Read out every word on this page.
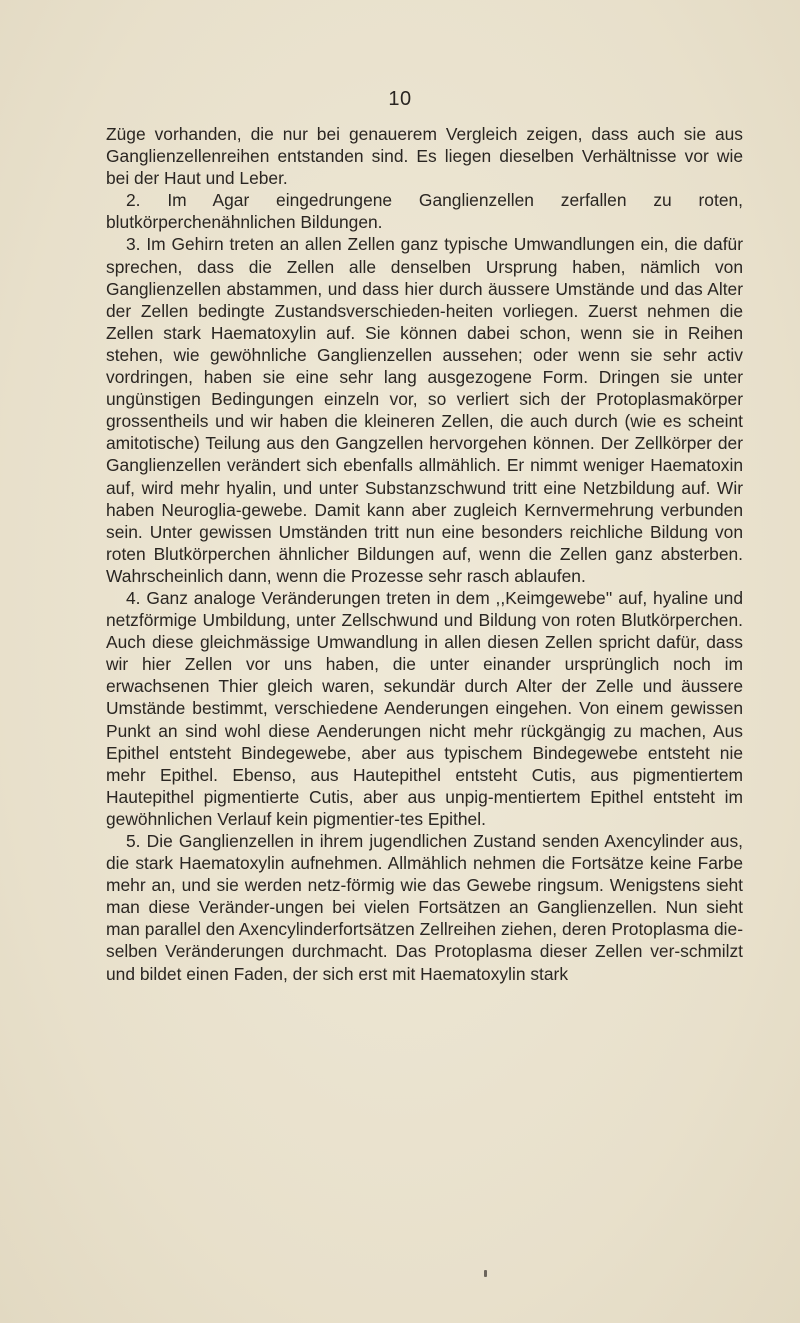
10

Züge vorhanden, die nur bei genauerem Vergleich zeigen, dass auch sie aus Ganglienzellenreihen entstanden sind. Es liegen dieselben Verhältnisse vor wie bei der Haut und Leber.

2. Im Agar eingedrungene Ganglienzellen zerfallen zu roten, blutkörperchenähnlichen Bildungen.

3. Im Gehirn treten an allen Zellen ganz typische Umwandlungen ein, die dafür sprechen, dass die Zellen alle denselben Ursprung haben, nämlich von Ganglienzellen abstammen, und dass hier durch äussere Umstände und das Alter der Zellen bedingte Zustandsverschieden-heiten vorliegen. Zuerst nehmen die Zellen stark Haematoxylin auf. Sie können dabei schon, wenn sie in Reihen stehen, wie gewöhnliche Ganglienzellen aussehen; oder wenn sie sehr activ vordringen, haben sie eine sehr lang ausgezogene Form. Dringen sie unter ungünstigen Bedingungen einzeln vor, so verliert sich der Protoplasmakörper grossentheils und wir haben die kleineren Zellen, die auch durch (wie es scheint amitotische) Teilung aus den Gangzellen hervorgehen können. Der Zellkörper der Ganglienzellen verändert sich ebenfalls allmählich. Er nimmt weniger Haematoxin auf, wird mehr hyalin, und unter Substanzschwund tritt eine Netzbildung auf. Wir haben Neuroglia-gewebe. Damit kann aber zugleich Kernvermehrung verbunden sein. Unter gewissen Umständen tritt nun eine besonders reichliche Bildung von roten Blutkörperchen ähnlicher Bildungen auf, wenn die Zellen ganz absterben. Wahrscheinlich dann, wenn die Prozesse sehr rasch ablaufen.

4. Ganz analoge Veränderungen treten in dem ,,Keimgewebe'' auf, hyaline und netzförmige Umbildung, unter Zellschwund und Bildung von roten Blutkörperchen. Auch diese gleichmässige Umwandlung in allen diesen Zellen spricht dafür, dass wir hier Zellen vor uns haben, die unter einander ursprünglich noch im erwachsenen Thier gleich waren, sekundär durch Alter der Zelle und äussere Umstände bestimmt, verschiedene Aenderungen eingehen. Von einem gewissen Punkt an sind wohl diese Aenderungen nicht mehr rückgängig zu machen, Aus Epithel entsteht Bindegewebe, aber aus typischem Bindegewebe entsteht nie mehr Epithel. Ebenso, aus Hautepithel entsteht Cutis, aus pigmentiertem Hautepithel pigmentierte Cutis, aber aus unpig-mentiertem Epithel entsteht im gewöhnlichen Verlauf kein pigmentier-tes Epithel.

5. Die Ganglienzellen in ihrem jugendlichen Zustand senden Axencylinder aus, die stark Haematoxylin aufnehmen. Allmählich nehmen die Fortsätze keine Farbe mehr an, und sie werden netz-förmig wie das Gewebe ringsum. Wenigstens sieht man diese Veränder-ungen bei vielen Fortsätzen an Ganglienzellen. Nun sieht man parallel den Axencylinderfortsätzen Zellreihen ziehen, deren Protoplasma die-selben Veränderungen durchmacht. Das Protoplasma dieser Zellen ver-schmilzt und bildet einen Faden, der sich erst mit Haematoxylin stark
